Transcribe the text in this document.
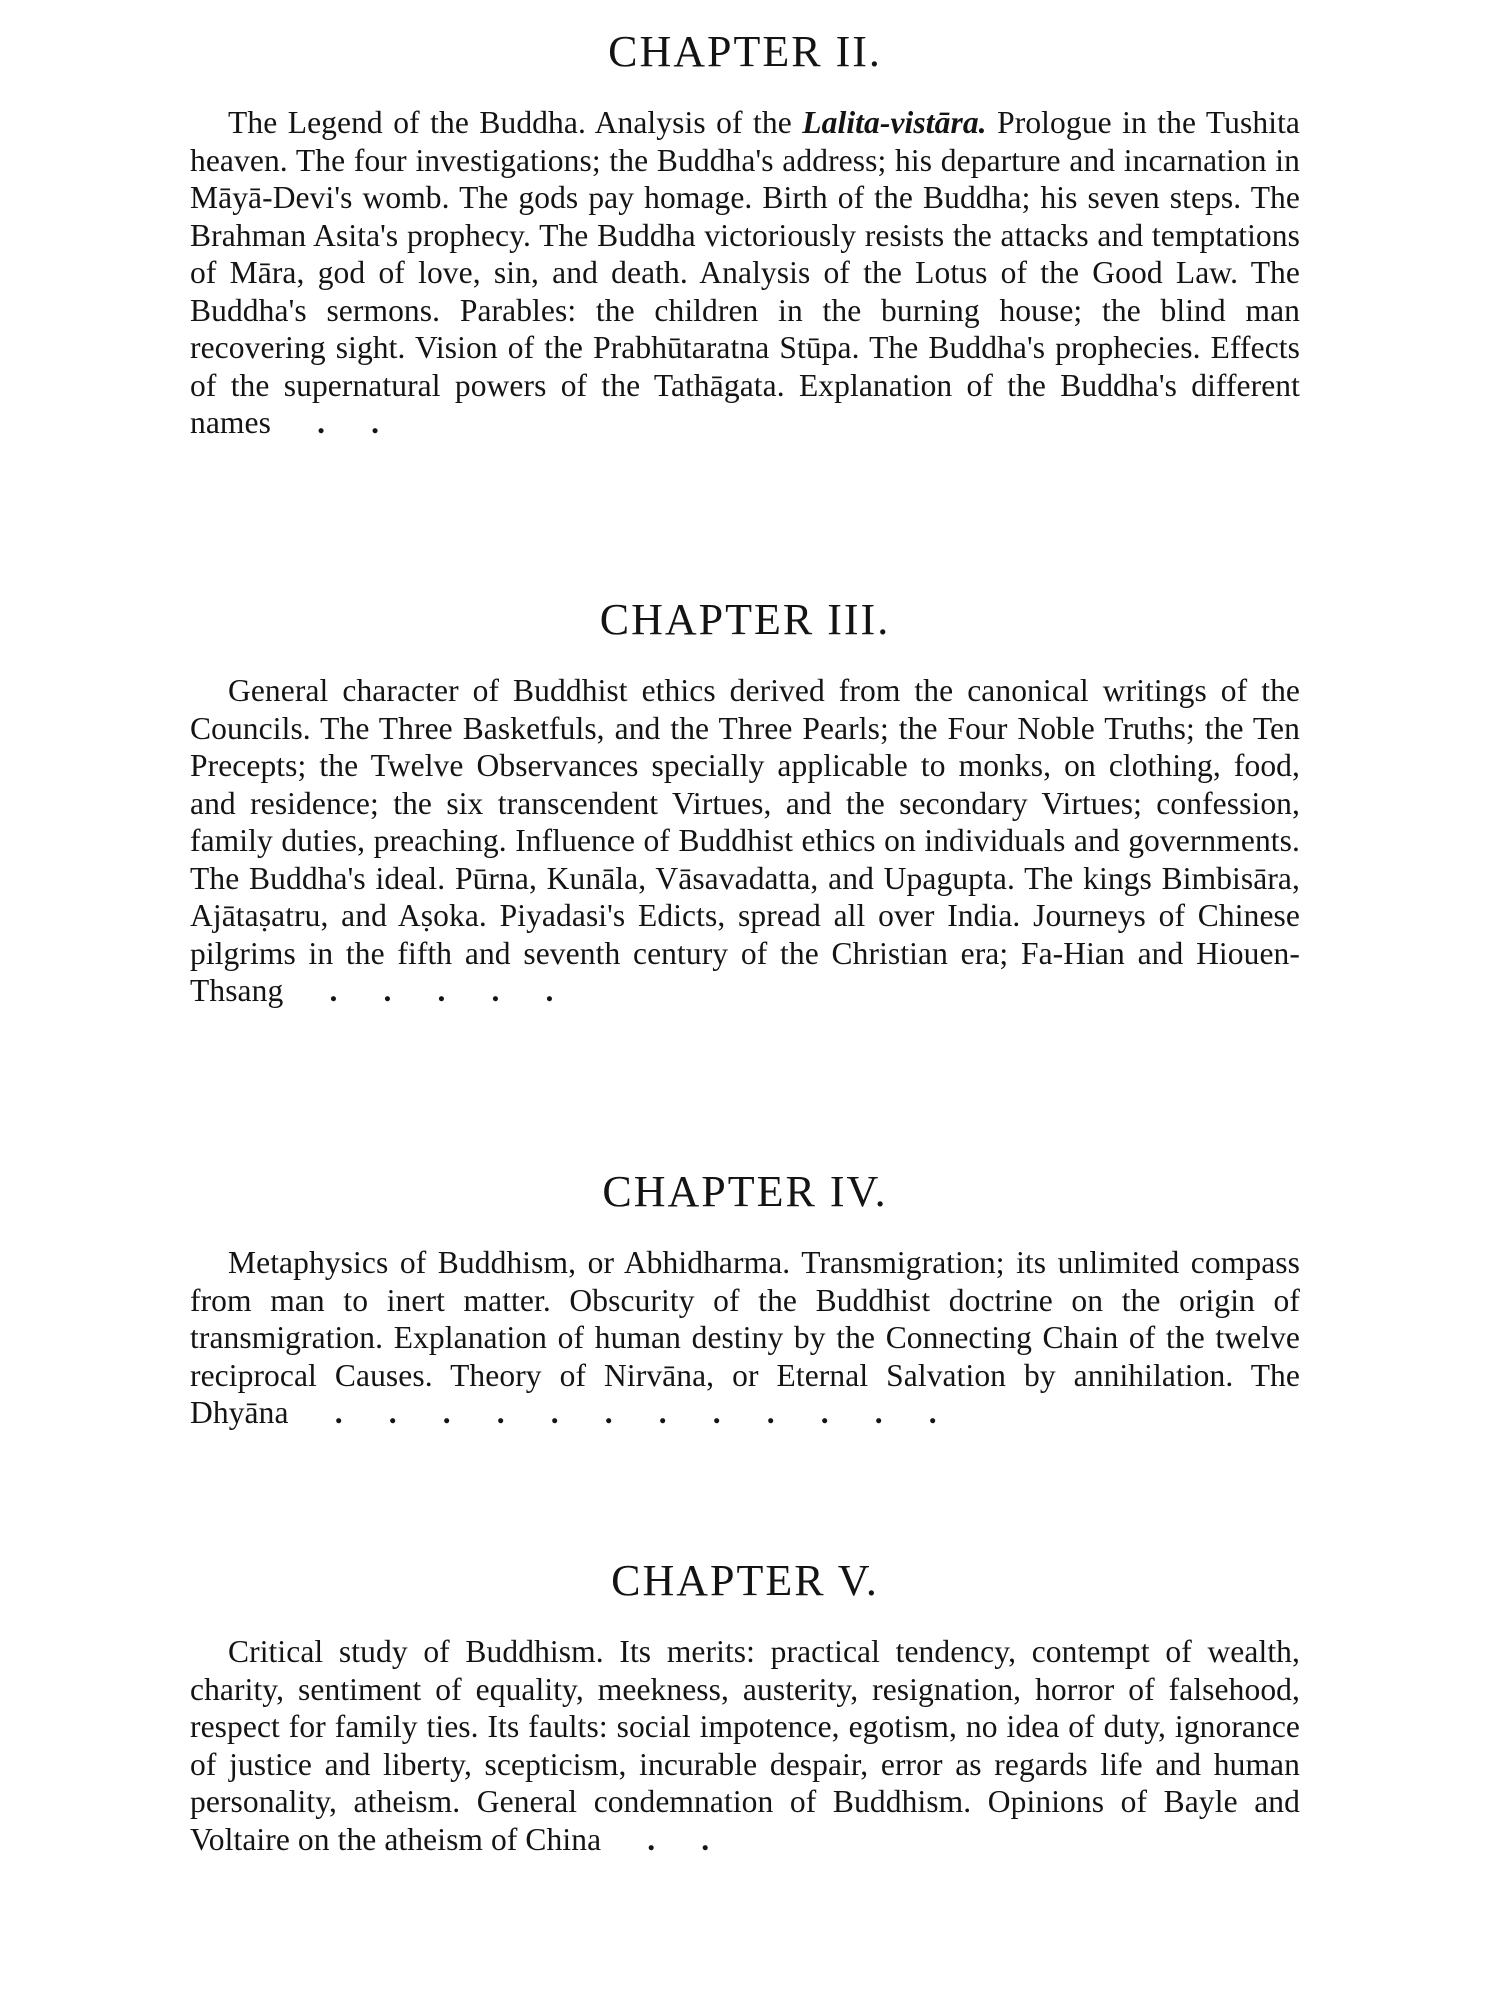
CHAPTER II.

The Legend of the Buddha. Analysis of the Lalita-vistāra. Prologue in the Tushita heaven. The four investigations; the Buddha's address; his departure and incarnation in Māyā-Devi's womb. The gods pay homage. Birth of the Buddha; his seven steps. The Brahman Asita's prophecy. The Buddha victoriously resists the attacks and temptations of Māra, god of love, sin, and death. Analysis of the Lotus of the Good Law. The Buddha's sermons. Parables: the children in the burning house; the blind man recovering sight. Vision of the Prabhūtaratna Stūpa. The Buddha's prophecies. Effects of the supernatural powers of the Tathāgata. Explanation of the Buddha's different names . .

CHAPTER III.

General character of Buddhist ethics derived from the canonical writings of the Councils. The Three Basketfuls, and the Three Pearls; the Four Noble Truths; the Ten Precepts; the Twelve Observances specially applicable to monks, on clothing, food, and residence; the six transcendent Virtues, and the secondary Virtues; confession, family duties, preaching. Influence of Buddhist ethics on individuals and governments. The Buddha's ideal. Pūrna, Kunāla, Vāsavadatta, and Upagupta. The kings Bimbisāra, Ajātaṣatru, and Aṣoka. Piyadasi's Edicts, spread all over India. Journeys of Chinese pilgrims in the fifth and seventh century of the Christian era; Fa-Hian and Hiouen-Thsang . . . . .

CHAPTER IV.

Metaphysics of Buddhism, or Abhidharma. Transmigration; its unlimited compass from man to inert matter. Obscurity of the Buddhist doctrine on the origin of transmigration. Explanation of human destiny by the Connecting Chain of the twelve reciprocal Causes. Theory of Nirvāna, or Eternal Salvation by annihilation. The Dhyāna . . . . . . . . . . . .

CHAPTER V.

Critical study of Buddhism. Its merits: practical tendency, contempt of wealth, charity, sentiment of equality, meekness, austerity, resignation, horror of falsehood, respect for family ties. Its faults: social impotence, egotism, no idea of duty, ignorance of justice and liberty, scepticism, incurable despair, error as regards life and human personality, atheism. General condemnation of Buddhism. Opinions of Bayle and Voltaire on the atheism of China . .
